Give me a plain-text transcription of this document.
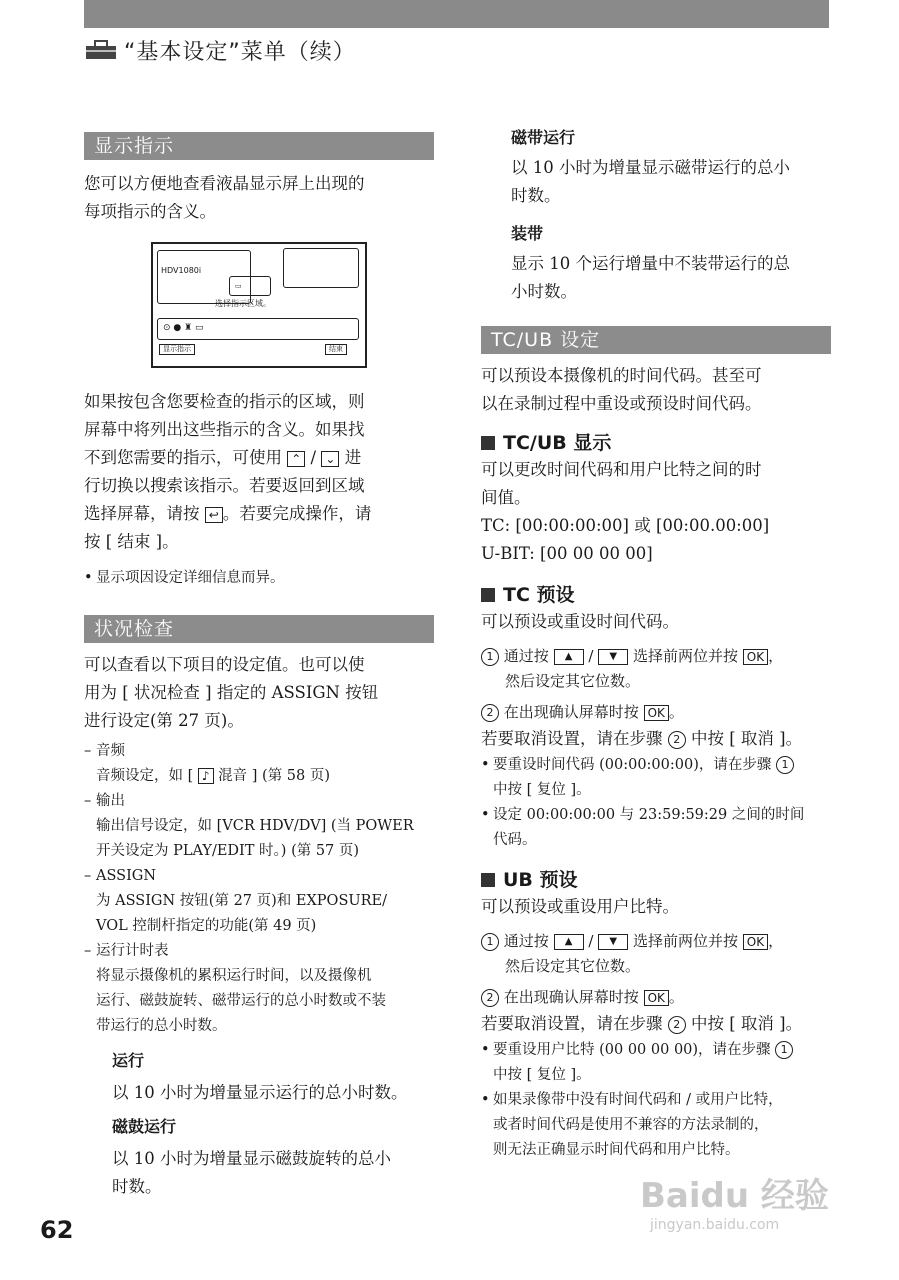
“基本设定”菜单（续）
显示指示

您可以方便地查看液晶显示屏上出现的

每项指示的含义。

HDV1080i
▭
选择指示区域。
⊙ ● ♜ ▭
显示指示	结束

如果按包含您要检查的指示的区域，则

屏幕中将列出这些指示的含义。如果找

不到您需要的指示，可使用 ⌃ / ⌄ 进

行切换以搜索该指示。若要返回到区域

选择屏幕，请按 ↩ 。若要完成操作，请

按 [ 结束 ]。

• 显示项因设定详细信息而异。
状况检查

可以查看以下项目的设定值。也可以使

用为 [ 状况检查 ] 指定的 ASSIGN 按钮

进行设定(第 27 页)。

– 音频

音频设定，如 [ ♪ 混音 ] (第 58 页)

– 输出

输出信号设定，如 [VCR HDV/DV] (当 POWER

开关设定为 PLAY/EDIT 时。) (第 57 页)

– ASSIGN

为 ASSIGN 按钮(第 27 页)和 EXPOSURE/

VOL 控制杆指定的功能(第 49 页)

– 运行计时表

将显示摄像机的累积运行时间，以及摄像机

运行、磁鼓旋转、磁带运行的总小时数或不装

带运行的总小时数。

运行

以 10 小时为增量显示运行的总小时数。

磁鼓运行

以 10 小时为增量显示磁鼓旋转的总小

时数。

磁带运行

以 10 小时为增量显示磁带运行的总小

时数。

装带

显示 10 个运行增量中不装带运行的总

小时数。

TC/UB 设定

可以预设本摄像机的时间代码。甚至可

以在录制过程中重设或预设时间代码。

TC/UB 显示

可以更改时间代码和用户比特之间的时

间值。

TC: [00:00:00:00] 或 [00:00.00:00]

U-BIT: [00 00 00 00]

TC 预设

可以预设或重设时间代码。

1 通过按 ▲ / ▼ 选择前两位并按 OK ，

然后设定其它位数。

2 在出现确认屏幕时按 OK 。

若要取消设置，请在步骤 2 中按 [ 取消 ]。

• 要重设时间代码 (00:00:00:00)，请在步骤 1
中按 [ 复位 ]。
• 设定 00:00:00:00 与 23:59:59:29 之间的时间
代码。
UB 预设

可以预设或重设用户比特。

1 通过按 ▲ / ▼ 选择前两位并按 OK ，

然后设定其它位数。

2 在出现确认屏幕时按 OK 。

若要取消设置，请在步骤 2 中按 [ 取消 ]。

• 要重设用户比特 (00 00 00 00)，请在步骤 1
中按 [ 复位 ]。
• 如果录像带中没有时间代码和 / 或用户比特，
或者时间代码是使用不兼容的方法录制的，
则无法正确显示时间代码和用户比特。
62
Baidu 经验
jingyan.baidu.com
